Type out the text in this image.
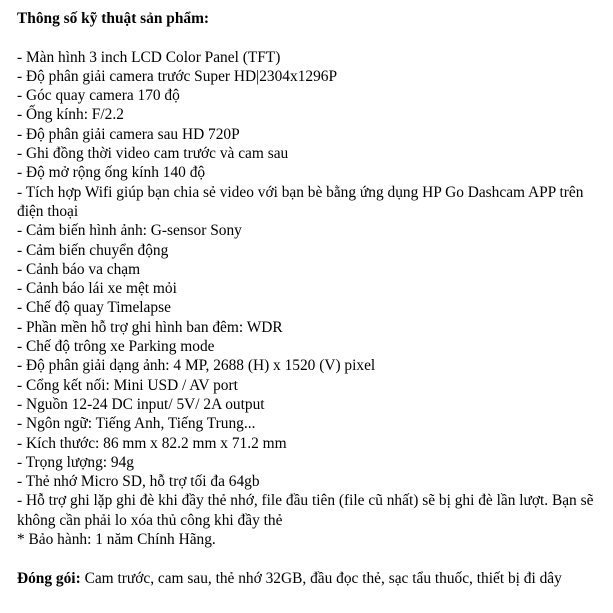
Thông số kỹ thuật sản phẩm:

- Màn hình 3 inch LCD Color Panel (TFT)
- Độ phân giải camera trước Super HD|2304x1296P
- Góc quay camera 170 độ
- Ống kính: F/2.2
- Độ phân giải camera sau HD 720P
- Ghi đồng thời video cam trước và cam sau
- Độ mở rộng ống kính 140 độ
- Tích hợp Wifi giúp bạn chia sẻ video với bạn bè bằng ứng dụng HP Go Dashcam APP trên điện thoại
- Cảm biến hình ảnh: G-sensor Sony
- Cảm biến chuyển động
- Cảnh báo va chạm
- Cảnh báo lái xe mệt mỏi
- Chế độ quay Timelapse
- Phần mền hỗ trợ ghi hình ban đêm: WDR
- Chế độ trông xe Parking mode
- Độ phân giải dạng ảnh: 4 MP, 2688 (H) x 1520 (V) pixel
- Cổng kết nối: Mini USD / AV port
- Nguồn 12-24 DC input/ 5V/ 2A output
- Ngôn ngữ: Tiếng Anh, Tiếng Trung...
- Kích thước: 86 mm x 82.2 mm x 71.2 mm
- Trọng lượng: 94g
- Thẻ nhớ Micro SD, hỗ trợ tối đa 64gb
- Hỗ trợ ghi lặp ghi đè khi đầy thẻ nhớ, file đầu tiên (file cũ nhất) sẽ bị ghi đè lần lượt. Bạn sẽ không cần phải lo xóa thủ công khi đầy thẻ
* Bảo hành: 1 năm Chính Hãng.

Đóng gói: Cam trước, cam sau, thẻ nhớ 32GB, đầu đọc thẻ, sạc tẩu thuốc, thiết bị đi dây
